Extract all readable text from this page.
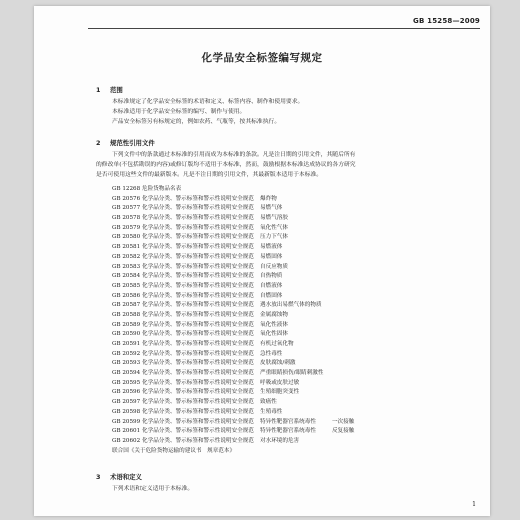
GB 15258—2009
化学品安全标签编写规定
1 范围
本标准规定了化学品安全标签的术语和定义、标签内容、制作和使用要求。
本标准适用于化学品安全标签的编写、制作与使用。
产品安全标签另有标规定的，例如农药、气瓶等，按其标准执行。
2 规范性引用文件
下列文件中的条款通过本标准的引用而成为本标准的条款。凡是注日期的引用文件，其随后所有
的修改单(不包括勘误的内容)或修订版均不适用于本标准，然而，鼓励根据本标准达成协议的各方研究
是否可使用这些文件的最新版本。凡是不注日期的引用文件，其最新版本适用于本标准。
GB 12268 危险货物品名表
GB 20576 化学品分类、警示标签和警示性说明安全规范	爆炸物
GB 20577 化学品分类、警示标签和警示性说明安全规范	易燃气体
GB 20578 化学品分类、警示标签和警示性说明安全规范	易燃气溶胶
GB 20579 化学品分类、警示标签和警示性说明安全规范	氧化性气体
GB 20580 化学品分类、警示标签和警示性说明安全规范	压力下气体
GB 20581 化学品分类、警示标签和警示性说明安全规范	易燃液体
GB 20582 化学品分类、警示标签和警示性说明安全规范	易燃固体
GB 20583 化学品分类、警示标签和警示性说明安全规范	自反应物质
GB 20584 化学品分类、警示标签和警示性说明安全规范	自热物质
GB 20585 化学品分类、警示标签和警示性说明安全规范	自燃液体
GB 20586 化学品分类、警示标签和警示性说明安全规范	自燃固体
GB 20587 化学品分类、警示标签和警示性说明安全规范	遇水放出易燃气体的物质
GB 20588 化学品分类、警示标签和警示性说明安全规范	金属腐蚀物
GB 20589 化学品分类、警示标签和警示性说明安全规范	氧化性液体
GB 20590 化学品分类、警示标签和警示性说明安全规范	氧化性固体
GB 20591 化学品分类、警示标签和警示性说明安全规范	有机过氧化物
GB 20592 化学品分类、警示标签和警示性说明安全规范	急性毒性
GB 20593 化学品分类、警示标签和警示性说明安全规范	皮肤腐蚀/刺激
GB 20594 化学品分类、警示标签和警示性说明安全规范	严重眼睛损伤/眼睛刺激性
GB 20595 化学品分类、警示标签和警示性说明安全规范	呼吸或皮肤过敏
GB 20596 化学品分类、警示标签和警示性说明安全规范	生殖细胞突变性
GB 20597 化学品分类、警示标签和警示性说明安全规范	致癌性
GB 20598 化学品分类、警示标签和警示性说明安全规范	生殖毒性
GB 20599 化学品分类、警示标签和警示性说明安全规范	特异性靶器官系统毒性	一次接触
GB 20601 化学品分类、警示标签和警示性说明安全规范	特异性靶器官系统毒性	反复接触
GB 20602 化学品分类、警示标签和警示性说明安全规范	对水环境的危害
联合国《关于危险货物运输的建议书　规章范本》
3 术语和定义
下列术语和定义适用于本标准。
1
